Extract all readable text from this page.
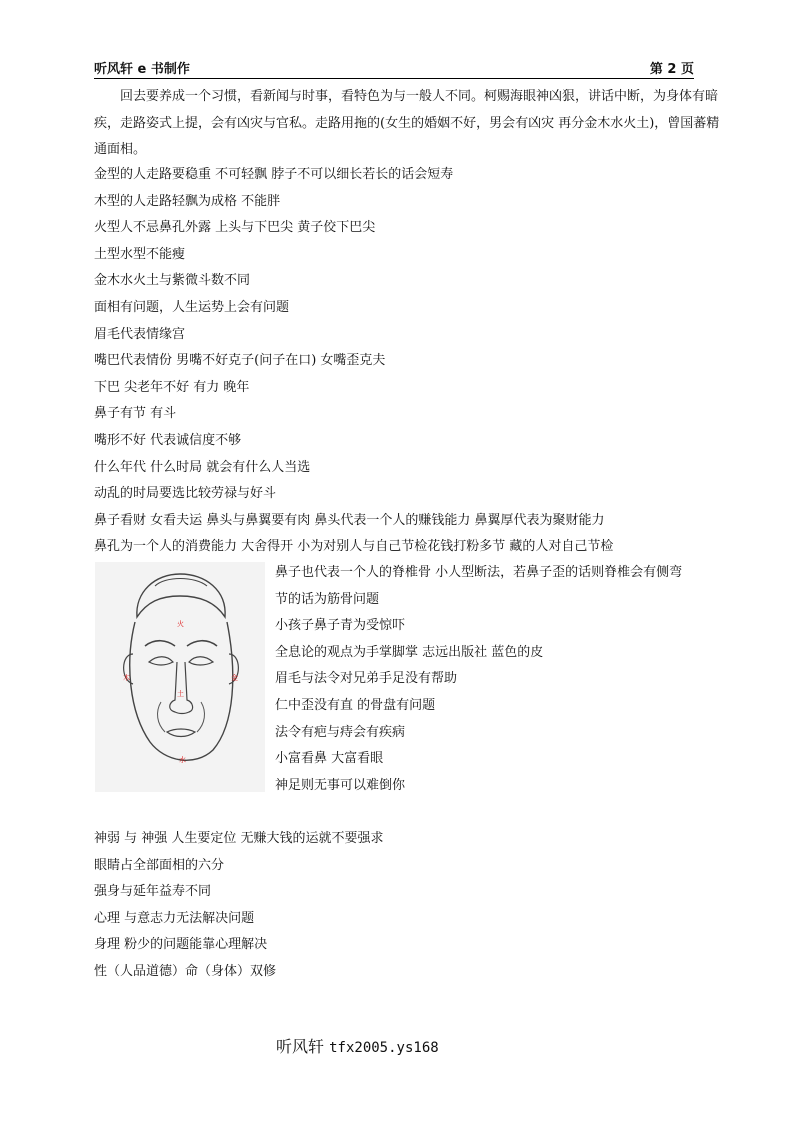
听风轩 e 书制作	第 2 页
回去要养成一个习惯，看新闻与时事，看特色为与一般人不同。柯赐海眼神凶狠，讲话中断，为身体有暗疾，走路姿式上提，会有凶灾与官私。走路用拖的(女生的婚姻不好，男会有凶灾 再分金木水火土)，曾国蕃精通面相。
金型的人走路要稳重 不可轻飘 脖子不可以细长若长的话会短寿
木型的人走路轻飘为成格 不能胖
火型人不忌鼻孔外露 上头与下巴尖 黄子佼下巴尖
土型水型不能瘦
金木水火土与紫微斗数不同
面相有问题，人生运势上会有问题
眉毛代表情缘宫
嘴巴代表情份 男嘴不好克子(问子在口) 女嘴歪克夫
下巴 尖老年不好 有力 晚年
鼻子有节 有斗
嘴形不好 代表诚信度不够
什么年代 什么时局 就会有什么人当选
动乱的时局要选比较劳禄与好斗
鼻子看财 女看夫运 鼻头与鼻翼要有肉 鼻头代表一个人的赚钱能力 鼻翼厚代表为聚财能力
鼻孔为一个人的消费能力 大舍得开 小为对别人与自己节检花钱打粉多节 藏的人对自己节检
火
木	金
土
水
鼻子也代表一个人的脊椎骨 小人型断法，若鼻子歪的话则脊椎会有侧弯
节的话为筋骨问题
小孩子鼻子青为受惊吓
全息论的观点为手掌脚掌 志远出版社 蓝色的皮
眉毛与法令对兄弟手足没有帮助
仁中歪没有直 的骨盘有问题
法令有疤与痔会有疾病
小富看鼻 大富看眼
神足则无事可以难倒你
神弱 与 神强 人生要定位 无赚大钱的运就不要强求
眼睛占全部面相的六分
强身与延年益寿不同
心理 与意志力无法解决问题
身理 粉少的问题能靠心理解决
性（人品道德）命（身体）双修
听风轩 tfx2005.ys168
